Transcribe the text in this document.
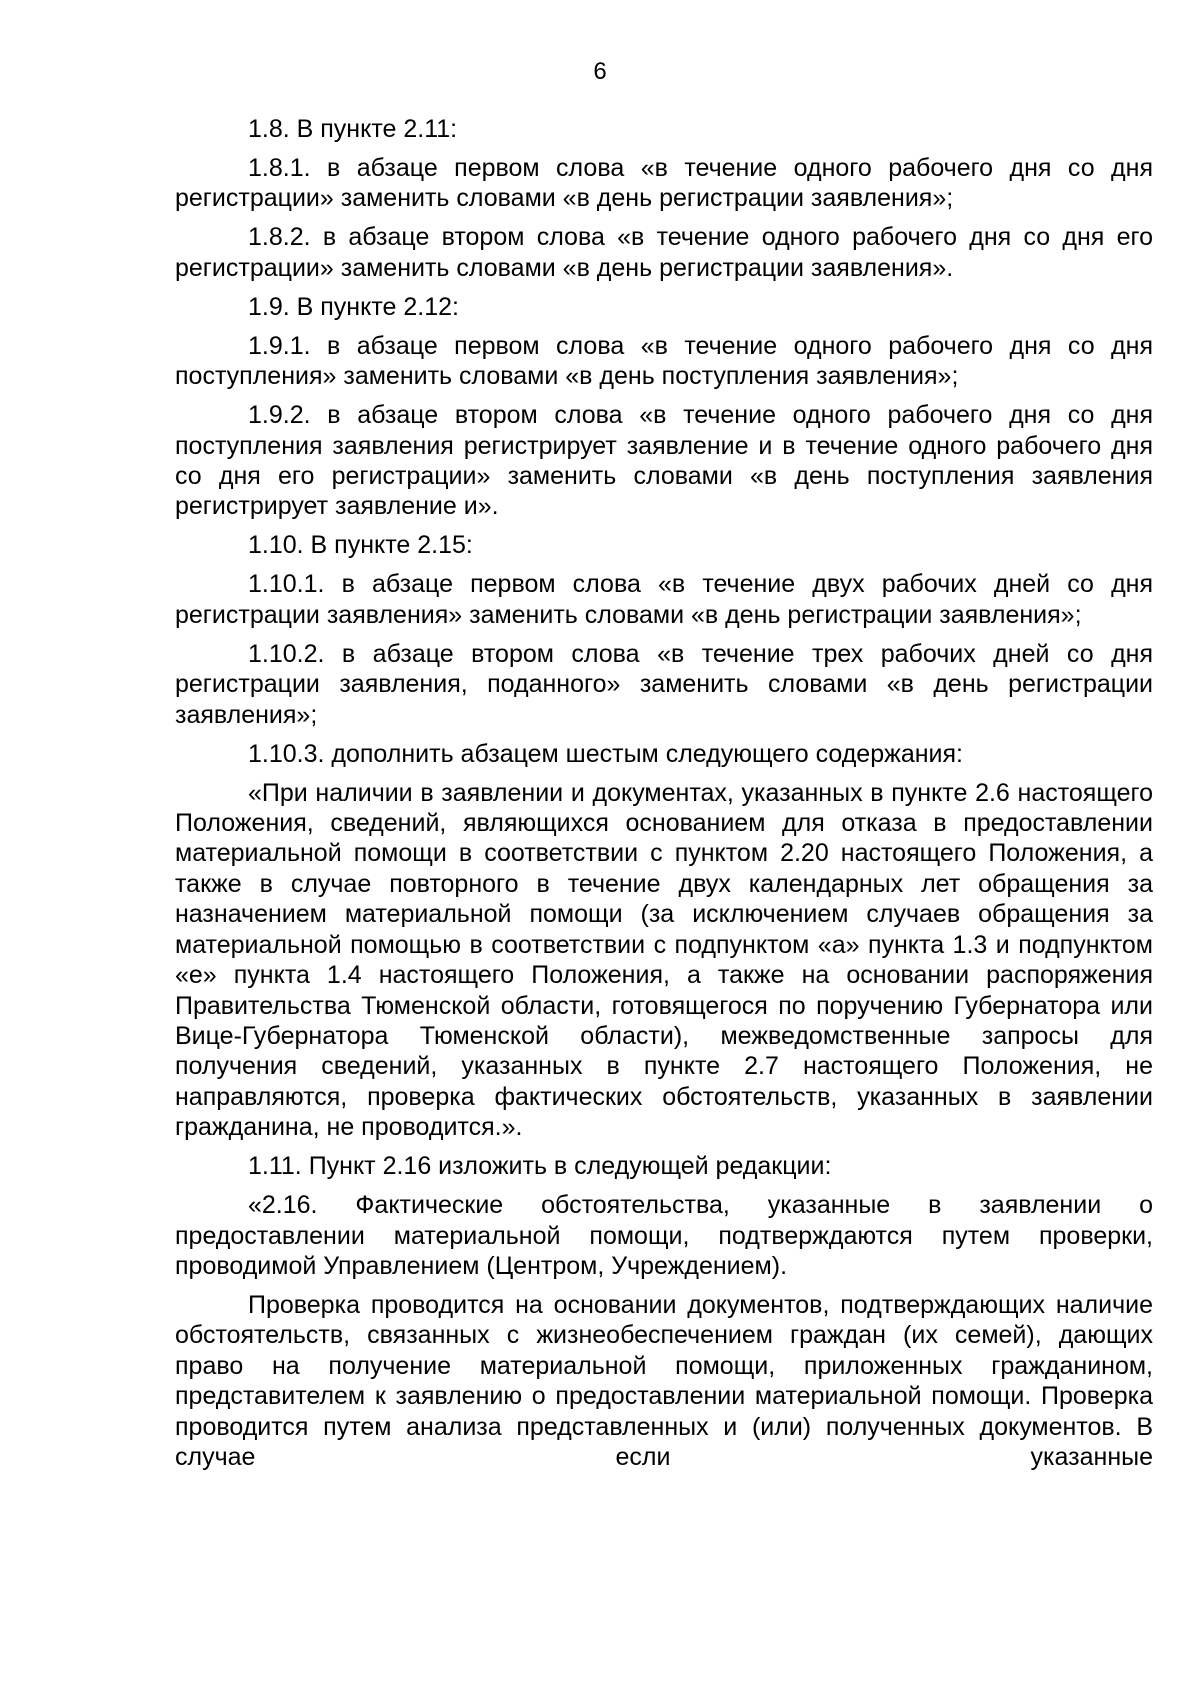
6

1.8. В пункте 2.11:

1.8.1. в абзаце первом слова «в течение одного рабочего дня со дня регистрации» заменить словами «в день регистрации заявления»;

1.8.2. в абзаце втором слова «в течение одного рабочего дня со дня его регистрации» заменить словами «в день регистрации заявления».

1.9. В пункте 2.12:

1.9.1. в абзаце первом слова «в течение одного рабочего дня со дня поступления» заменить словами «в день поступления заявления»;

1.9.2. в абзаце втором слова «в течение одного рабочего дня со дня поступления заявления регистрирует заявление и в течение одного рабочего дня со дня его регистрации» заменить словами «в день поступления заявления регистрирует заявление и».

1.10. В пункте 2.15:

1.10.1. в абзаце первом слова «в течение двух рабочих дней со дня регистрации заявления» заменить словами «в день регистрации заявления»;

1.10.2. в абзаце втором слова «в течение трех рабочих дней со дня регистрации заявления, поданного» заменить словами «в день регистрации заявления»;

1.10.3. дополнить абзацем шестым следующего содержания:

«При наличии в заявлении и документах, указанных в пункте 2.6 настоящего Положения, сведений, являющихся основанием для отказа в предоставлении материальной помощи в соответствии с пунктом 2.20 настоящего Положения, а также в случае повторного в течение двух календарных лет обращения за назначением материальной помощи (за исключением случаев обращения за материальной помощью в соответствии с подпунктом «а» пункта 1.3 и подпунктом «е» пункта 1.4 настоящего Положения, а также на основании распоряжения Правительства Тюменской области, готовящегося по поручению Губернатора или Вице-Губернатора Тюменской области), межведомственные запросы для получения сведений, указанных в пункте 2.7 настоящего Положения, не направляются, проверка фактических обстоятельств, указанных в заявлении гражданина, не проводится.».

1.11. Пункт 2.16 изложить в следующей редакции:

«2.16. Фактические обстоятельства, указанные в заявлении о предоставлении материальной помощи, подтверждаются путем проверки, проводимой Управлением (Центром, Учреждением).

Проверка проводится на основании документов, подтверждающих наличие обстоятельств, связанных с жизнеобеспечением граждан (их семей), дающих право на получение материальной помощи, приложенных гражданином, представителем к заявлению о предоставлении материальной помощи. Проверка проводится путем анализа представленных и (или) полученных документов. В случае если указанные
